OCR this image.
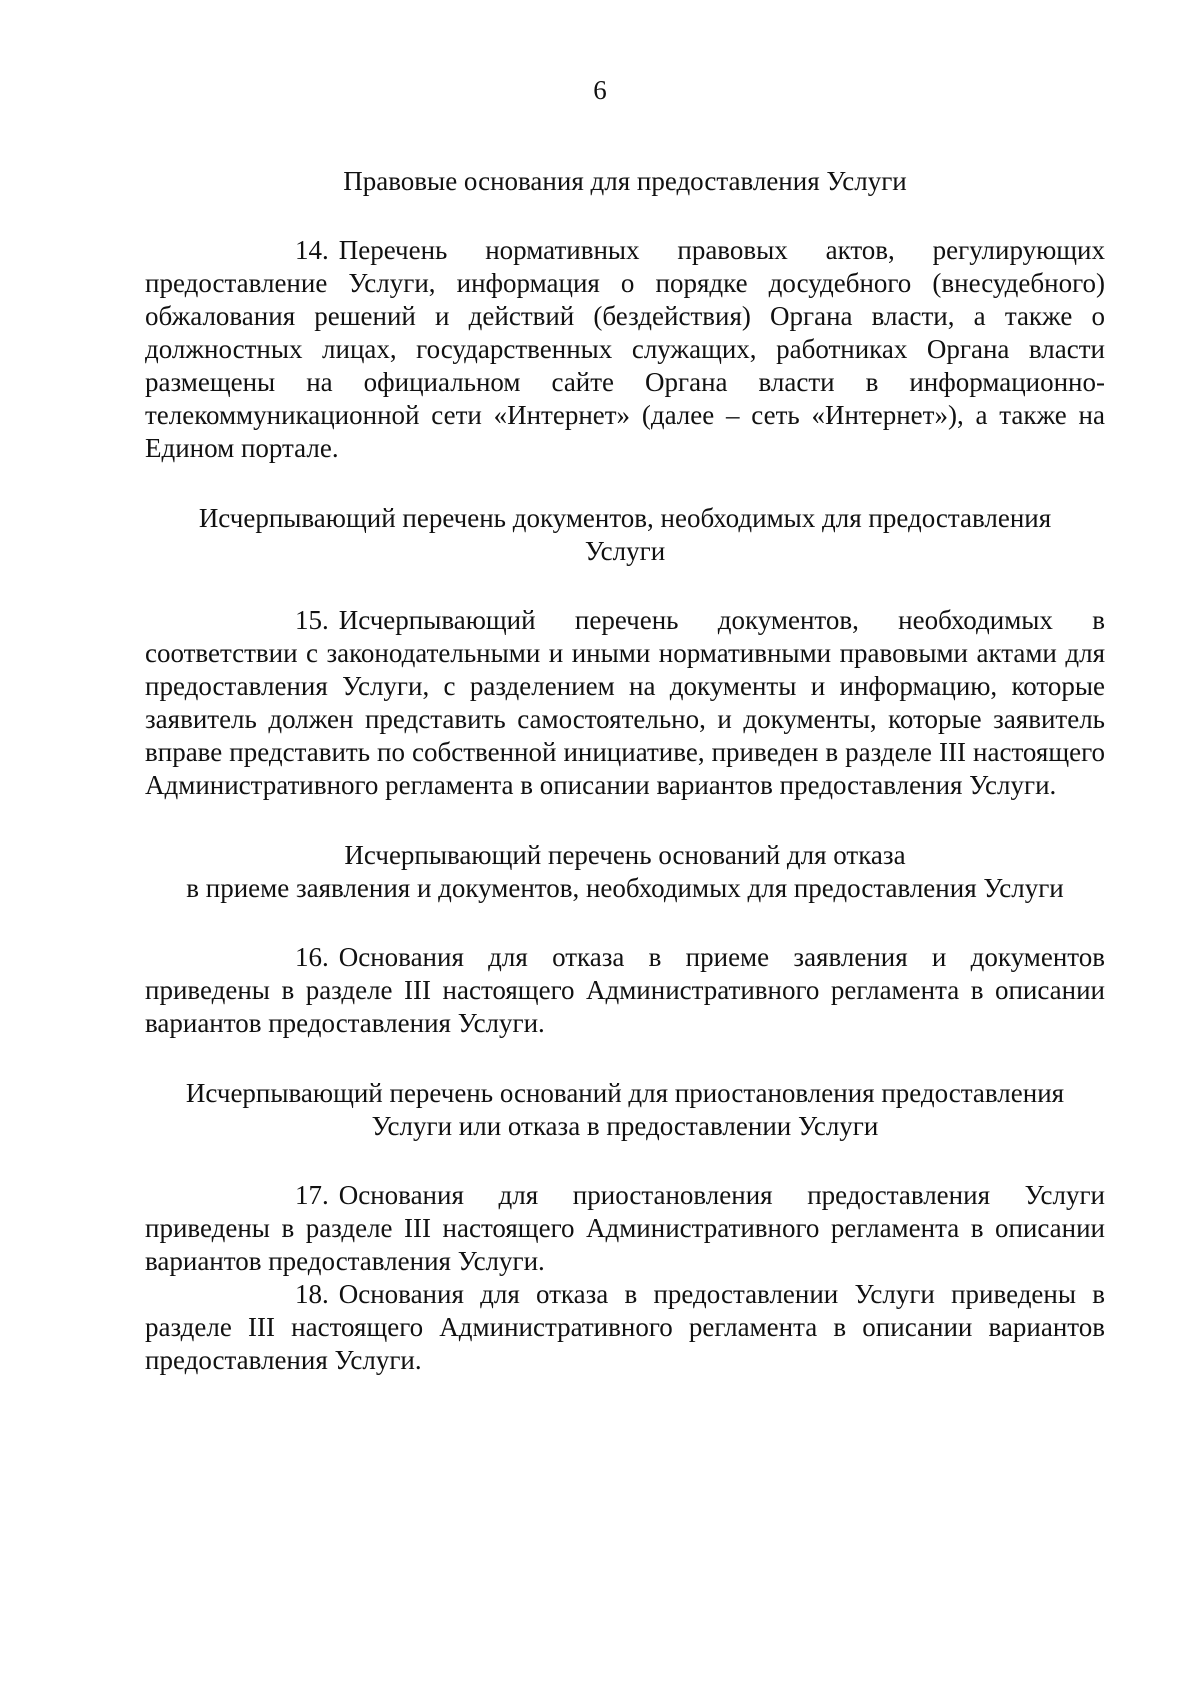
6

Правовые основания для предоставления Услуги

14. Перечень нормативных правовых актов, регулирующих предоставление Услуги, информация о порядке досудебного (внесудебного) обжалования решений и действий (бездействия) Органа власти, а также о должностных лицах, государственных служащих, работниках Органа власти размещены на официальном сайте Органа власти в информационно-телекоммуникационной сети «Интернет» (далее – сеть «Интернет»), а также на Едином портале.

Исчерпывающий перечень документов, необходимых для предоставления
Услуги

15. Исчерпывающий перечень документов, необходимых в соответствии с законодательными и иными нормативными правовыми актами для предоставления Услуги, с разделением на документы и информацию, которые заявитель должен представить самостоятельно, и документы, которые заявитель вправе представить по собственной инициативе, приведен в разделе III настоящего Административного регламента в описании вариантов предоставления Услуги.

Исчерпывающий перечень оснований для отказа
в приеме заявления и документов, необходимых для предоставления Услуги

16. Основания для отказа в приеме заявления и документов приведены в разделе III настоящего Административного регламента в описании вариантов предоставления Услуги.

Исчерпывающий перечень оснований для приостановления предоставления
Услуги или отказа в предоставлении Услуги

17. Основания для приостановления предоставления Услуги приведены в разделе III настоящего Административного регламента в описании вариантов предоставления Услуги.

18. Основания для отказа в предоставлении Услуги приведены в разделе III настоящего Административного регламента в описании вариантов предоставления Услуги.
